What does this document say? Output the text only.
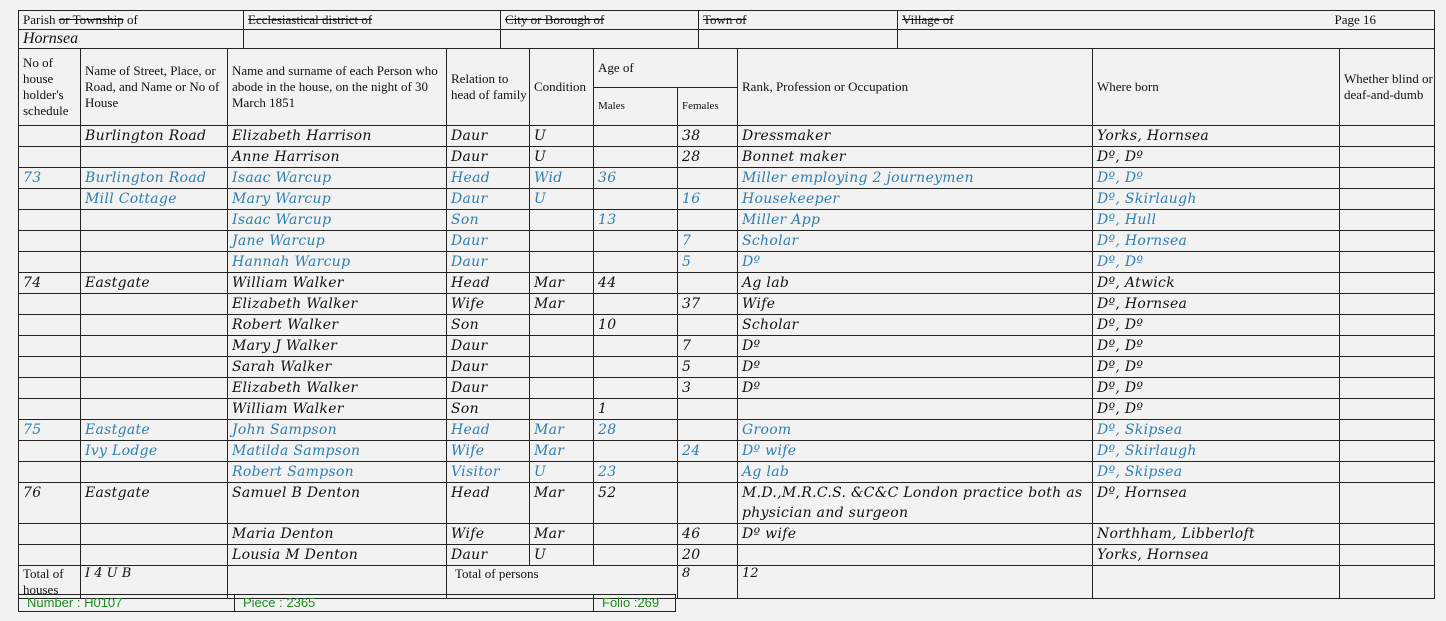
Parish or Township of	Ecclesiastical district of	City or Borough of	Town of	Village of Page 16

Hornsea				
No of house holder's schedule	Name of Street, Place, or Road, and Name or No of House	Name and surname of each Person who abode in the house, on the night of 30 March 1851	Relation to head of family	Condition	Age of		Rank, Profession or Occupation	Where born	Whether blind or deaf-and-dumb	
					Males	Females				
	Burlington Road	Elizabeth Harrison	Daur	U		38	Dressmaker	Yorks, Hornsea		
		Anne Harrison	Daur	U		28	Bonnet maker	Dº, Dº		
73	Burlington Road	Isaac Warcup	Head	Wid	36		Miller employing 2 journeymen	Dº, Dº		
	Mill Cottage	Mary Warcup	Daur	U		16	Housekeeper	Dº, Skirlaugh		
		Isaac Warcup	Son		13		Miller App	Dº, Hull		
		Jane Warcup	Daur			7	Scholar	Dº, Hornsea		
		Hannah Warcup	Daur			5	Dº	Dº, Dº		
74	Eastgate	William Walker	Head	Mar	44		Ag lab	Dº, Atwick		
		Elizabeth Walker	Wife	Mar		37	Wife	Dº, Hornsea		
		Robert Walker	Son		10		Scholar	Dº, Dº		
		Mary J Walker	Daur			7	Dº	Dº, Dº		
		Sarah Walker	Daur			5	Dº	Dº, Dº		
		Elizabeth Walker	Daur			3	Dº	Dº, Dº		
		William Walker	Son		1			Dº, Dº		
75	Eastgate	John Sampson	Head	Mar	28		Groom	Dº, Skipsea		
	Ivy Lodge	Matilda Sampson	Wife	Mar		24	Dº wife	Dº, Skirlaugh		
		Robert Sampson	Visitor	U	23		Ag lab	Dº, Skipsea		
76	Eastgate	Samuel B Denton	Head	Mar	52		M.D.,M.R.C.S. &C&C London practice both as physician and surgeon	Dº, Hornsea		
		Maria Denton	Wife	Mar		46	Dº wife	Northham, Libberloft		
		Lousia M Denton	Daur	U		20		Yorks, Hornsea		
Total of houses	I 4 U B		Total of persons			8	12			
Number : H0107	Piece : 2365	Folio :269
